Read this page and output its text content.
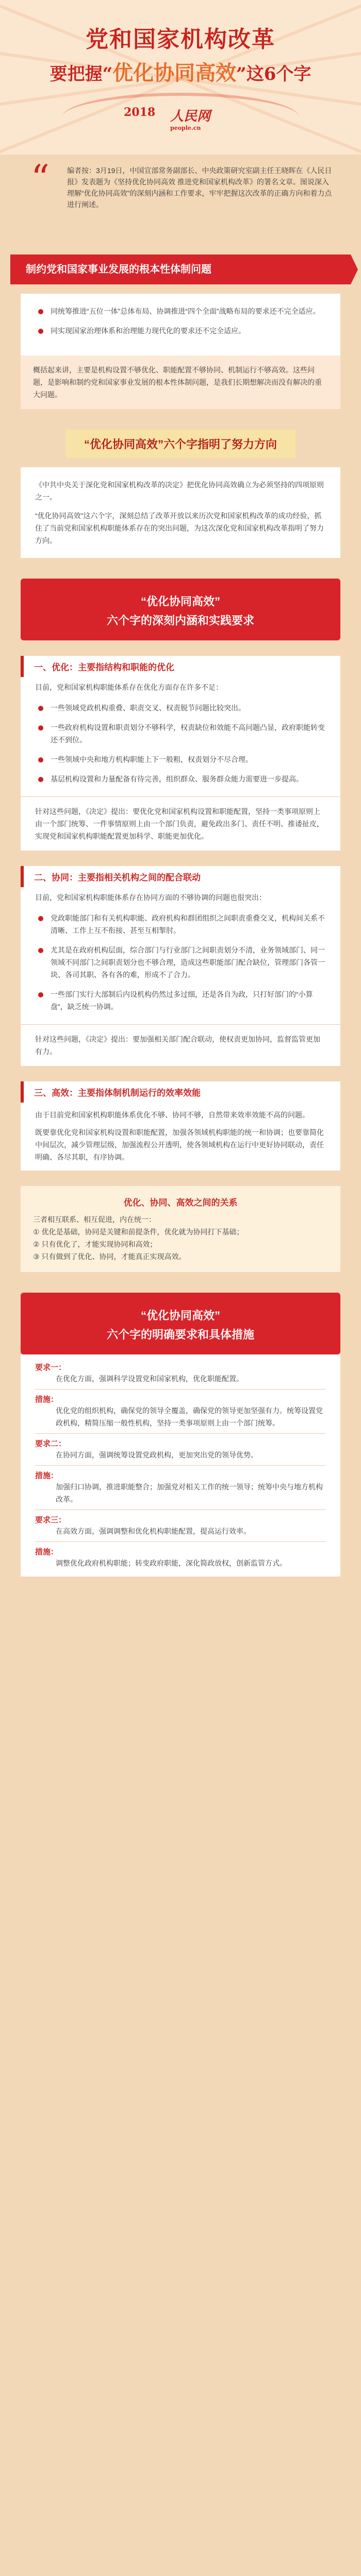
党和国家机构改革
要把握“优化协同高效”这6个字
2018 人民网
people.cn
“	编者按：3月19日，中国宣部常务副部长、中央政策研究室副主任王晓晖在《人民日报》发表题为《坚持优化协同高效 推进党和国家机构改革》的署名文章。图说深入理解“优化协同高效”的深刻内涵和工作要求，牢牢把握这次改革的正确方向和着力点进行阐述。
制约党和国家事业发展的根本性体制问题
同统筹推进“五位一体”总体布局、协调推进“四个全面”战略布局的要求还不完全适应。
同实现国家治理体系和治理能力现代化的要求还不完全适应。
概括起来讲，主要是机构设置不够优化、职能配置不够协同、机制运行不够高效。这些问题，是影响和制约党和国家事业发展的根本性体制问题，是我们长期想解决而没有解决的重大问题。
“优化协同高效”六个字指明了努力方向

《中共中央关于深化党和国家机构改革的决定》把优化协同高效确立为必须坚持的四项原则之一。

“优化协同高效”这六个字，深刻总结了改革开放以来历次党和国家机构改革的成功经验，抓住了当前党和国家机构职能体系存在的突出问题，为这次深化党和国家机构改革指明了努力方向。

“优化协同高效”
六个字的深刻内涵和实践要求
一、优化：主要指结构和职能的优化
目前，党和国家机构职能体系存在优化方面存在许多不足：
一些领域党政机构重叠、职责交叉、权责脱节问题比较突出。
一些政府机构设置和职责划分不够科学，权责缺位和效能不高问题凸显，政府职能转变还不到位。
一些领域中央和地方机构职能上下一般粗，权责划分不尽合理。
基层机构设置和力量配备有待完善，组织群众、服务群众能力需要进一步提高。
针对这些问题，《决定》提出：要优化党和国家机构设置和职能配置，坚持一类事项原则上由一个部门统筹、一件事情原则上由一个部门负责，避免政出多门、责任不明、推诿扯皮，实现党和国家机构职能配置更加科学、职能更加优化。
二、协同：主要指相关机构之间的配合联动
目前，党和国家机构职能体系存在协同方面的不够协调的问题也很突出：
党政职能部门和有关机构职能、政府机构和群团组织之间职责重叠交叉，机构间关系不清晰、工作上互不衔接、甚至互相掣肘。
尤其是在政府机构层面，综合部门与行业部门之间职责划分不清，业务领域部门、同一领域不同部门之间职责划分也不够合理，造成这些职能部门配合缺位，管理部门各管一块、各司其职、各有各的难，形成不了合力。
一些部门实行大部制后内设机构仍然过多过细，还是各自为政，只打好部门的“小算盘”，缺乏统一协调。
针对这些问题，《决定》提出：要加强相关部门配合联动，使权责更加协同，监督监管更加有力。
三、高效：主要指体制机制运行的效率效能

由于目前党和国家机构职能体系优化不够、协同不够，自然带来效率效能不高的问题。

既要靠优化党和国家机构设置和职能配置，加强各领域机构职能的统一和协调；也要靠简化中间层次，减少管理层级，加强流程公开透明，使各领域机构在运行中更好协同联动，责任明确、各尽其职，有序协调。

优化、协同、高效之间的关系
三者相互联系、相互促进，内在统一：
① 优化是基础，协同是关键和前提条件，优化就为协同打下基础；
② 只有优化了，才能实现协同和高效；
③ 只有做到了优化、协同，才能真正实现高效。
“优化协同高效”
六个字的明确要求和具体措施
要求一：
在优化方面，强调科学设置党和国家机构，优化职能配置。
措施：
优化党的组织机构，确保党的领导全覆盖，确保党的领导更加坚强有力。统筹设置党政机构，精简压缩一般性机构，坚持一类事项原则上由一个部门统筹。
要求二：
在协同方面，强调统筹设置党政机构，更加突出党的领导优势。
措施：
加强归口协调，推进职能整合；加强党对相关工作的统一领导；统筹中央与地方机构改革。
要求三：
在高效方面，强调调整和优化机构职能配置，提高运行效率。
措施：
调整优化政府机构职能；转变政府职能，深化简政放权，创新监管方式。
